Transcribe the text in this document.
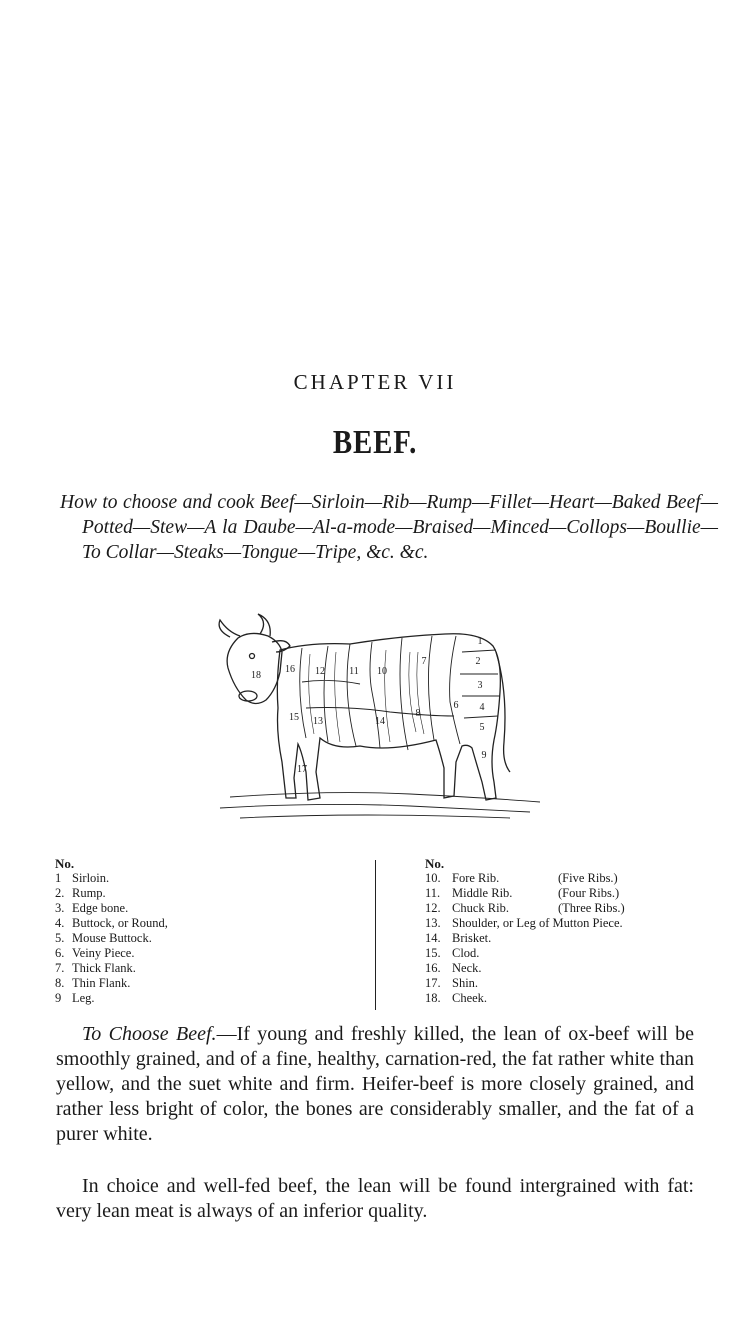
CHAPTER VII
BEEF.
How to choose and cook Beef—Sirloin—Rib—Rump—Fillet—Heart—Baked Beef—Potted—Stew—A la Daube—Al-a-mode—Braised—Minced—Collops—Boullie—To Collar—Steaks—Tongue—Tripe, &c. &c.
1
2
3
4
5
6
7
8
9
10
11
12
13	14
15
16
17
18
No.
1 Sirloin.
2. Rump.
3. Edge bone.
4. Buttock, or Round,
5. Mouse Buttock.
6. Veiny Piece.
7. Thick Flank.
8. Thin Flank.
9 Leg.
No.
10. Fore Rib.	(Five Ribs.)
11. Middle Rib.	(Four Ribs.)
12. Chuck Rib.	(Three Ribs.)
13. Shoulder, or Leg of Mutton Piece.
14. Brisket.
15. Clod.
16. Neck.
17. Shin.
18. Cheek.

To Choose Beef.—If young and freshly killed, the lean of ox-beef will be smoothly grained, and of a fine, healthy, carnation-red, the fat rather white than yellow, and the suet white and firm. Heifer-beef is more closely grained, and rather less bright of color, the bones are considerably smaller, and the fat of a purer white.

In choice and well-fed beef, the lean will be found intergrained with fat: very lean meat is always of an inferior quality.
